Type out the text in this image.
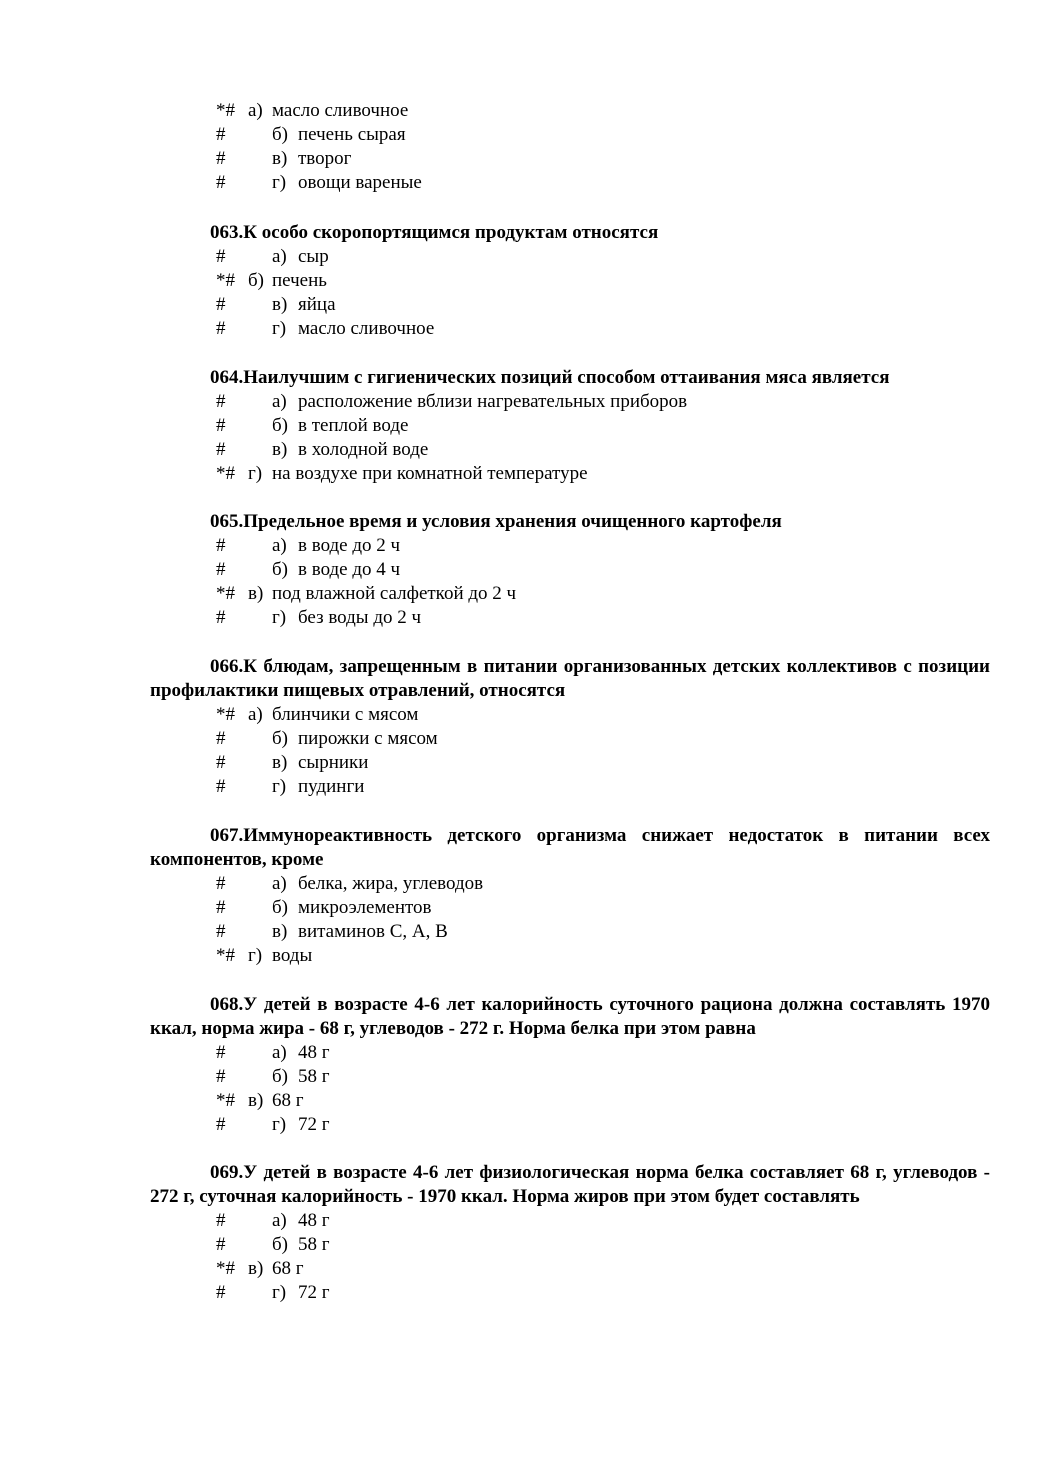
*# а) масло сливочное
# б) печень сырая
# в) творог
# г) овощи вареные

063.К особо скоропортящимся продуктам относятся

# а) сыр
*# б) печень
# в) яйца
# г) масло сливочное

064.Наилучшим с гигиенических позиций способом оттаивания мяса является

# а) расположение вблизи нагревательных приборов
# б) в теплой воде
# в) в холодной воде
*# г) на воздухе при комнатной температуре

065.Предельное время и условия хранения очищенного картофеля

# а) в воде до 2 ч
# б) в воде до 4 ч
*# в) под влажной салфеткой до 2 ч
# г) без воды до 2 ч

066.К блюдам, запрещенным в питании организованных детских коллективов с позиции профилактики пищевых отравлений, относятся

*# а) блинчики с мясом
# б) пирожки с мясом
# в) сырники
# г) пудинги

067.Иммунореактивность детского организма снижает недостаток в питании всех компонентов, кроме

# а) белка, жира, углеводов
# б) микроэлементов
# в) витаминов С, А, В
*# г) воды

068.У детей в возрасте 4-6 лет калорийность суточного рациона должна составлять 1970 ккал, норма жира - 68 г, углеводов - 272 г. Норма белка при этом равна

# а) 48 г
# б) 58 г
*# в) 68 г
# г) 72 г

069.У детей в возрасте 4-6 лет физиологическая норма белка составляет 68 г, углеводов - 272 г, суточная калорийность - 1970 ккал. Норма жиров при этом будет составлять

# а) 48 г
# б) 58 г
*# в) 68 г
# г) 72 г
